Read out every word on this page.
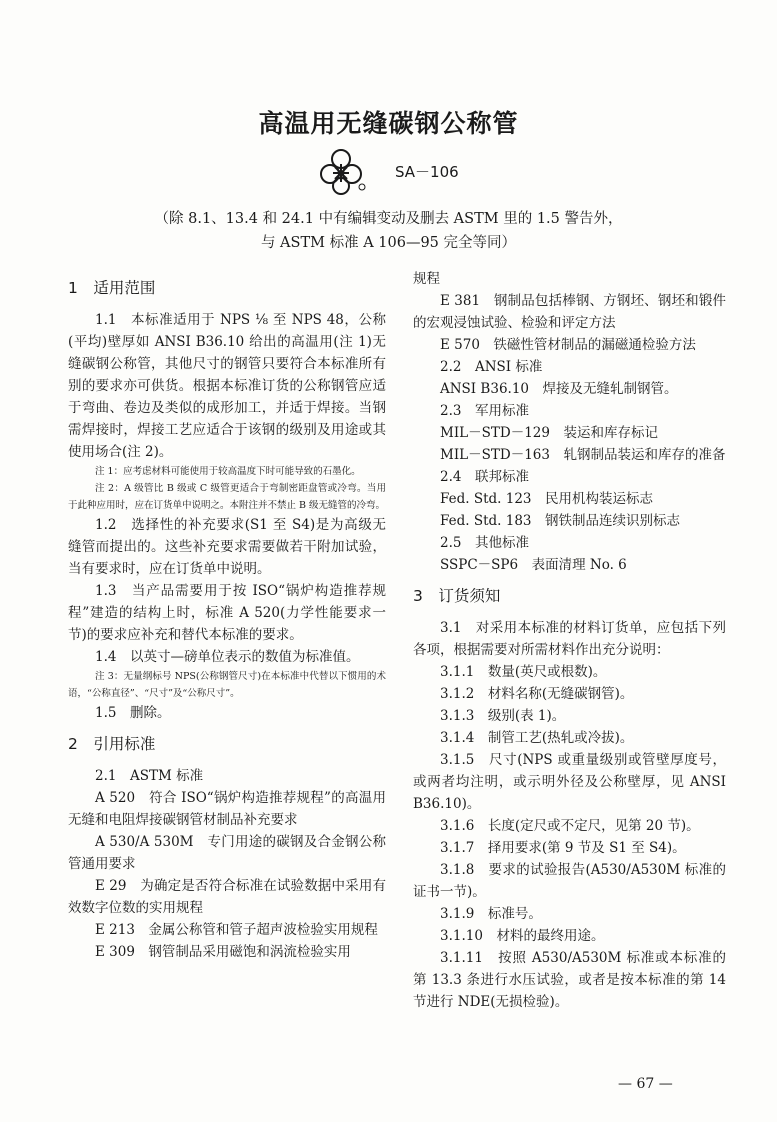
高温用无缝碳钢公称管
SA－106
（除 8.1、13.4 和 24.1 中有编辑变动及删去 ASTM 里的 1.5 警告外，
与 ASTM 标准 A 106—95 完全等同）

1　适用范围

1.1　本标准适用于 NPS ⅛ 至 NPS 48，公称(平均)壁厚如 ANSI B36.10 给出的高温用(注 1)无缝碳钢公称管，其他尺寸的钢管只要符合本标准所有别的要求亦可供货。根据本标准订货的公称钢管应适于弯曲、卷边及类似的成形加工，并适于焊接。当钢需焊接时，焊接工艺应适合于该钢的级别及用途或其使用场合(注 2)。

注 1：应考虑材料可能使用于较高温度下时可能导致的石墨化。

注 2：A 级管比 B 级或 C 级管更适合于弯制密距盘管或冷弯。当用于此种应用时，应在订货单中说明之。本附注并不禁止 B 级无缝管的冷弯。

1.2　选择性的补充要求(S1 至 S4)是为高级无缝管而提出的。这些补充要求需要做若干附加试验，当有要求时，应在订货单中说明。

1.3　当产品需要用于按 ISO“锅炉构造推荐规程”建造的结构上时，标准 A 520(力学性能要求一节)的要求应补充和替代本标准的要求。

1.4　以英寸—磅单位表示的数值为标准值。

注 3：无量纲标号 NPS(公称钢管尺寸)在本标准中代替以下惯用的术语，“公称直径”、“尺寸”及“公称尺寸”。

1.5　删除。

2　引用标准

2.1　ASTM 标准

A 520　符合 ISO“锅炉构造推荐规程”的高温用无缝和电阻焊接碳钢管材制品补充要求

A 530/A 530M　专门用途的碳钢及合金钢公称管通用要求

E 29　为确定是否符合标准在试验数据中采用有效数字位数的实用规程

E 213　金属公称管和管子超声波检验实用规程

E 309　钢管制品采用磁饱和涡流检验实用

规程

E 381　钢制品包括棒钢、方钢坯、钢坯和锻件的宏观浸蚀试验、检验和评定方法

E 570　铁磁性管材制品的漏磁通检验方法

2.2　ANSI 标准

ANSI B36.10　焊接及无缝轧制钢管。

2.3　军用标准

MIL－STD－129　装运和库存标记

MIL－STD－163　轧钢制品装运和库存的准备

2.4　联邦标准

Fed. Std. 123　民用机构装运标志

Fed. Std. 183　钢铁制品连续识别标志

2.5　其他标准

SSPC－SP6　表面清理 No. 6

3　订货须知

3.1　对采用本标准的材料订货单，应包括下列各项，根据需要对所需材料作出充分说明：

3.1.1　数量(英尺或根数)。

3.1.2　材料名称(无缝碳钢管)。

3.1.3　级别(表 1)。

3.1.4　制管工艺(热轧或冷拔)。

3.1.5　尺寸(NPS 或重量级别或管壁厚度号，或两者均注明，或示明外径及公称壁厚，见 ANSI B36.10)。

3.1.6　长度(定尺或不定尺，见第 20 节)。

3.1.7　择用要求(第 9 节及 S1 至 S4)。

3.1.8　要求的试验报告(A530/A530M 标准的证书一节)。

3.1.9　标准号。

3.1.10　材料的最终用途。

3.1.11　按照 A530/A530M 标准或本标准的第 13.3 条进行水压试验，或者是按本标准的第 14 节进行 NDE(无损检验)。

— 67 —
